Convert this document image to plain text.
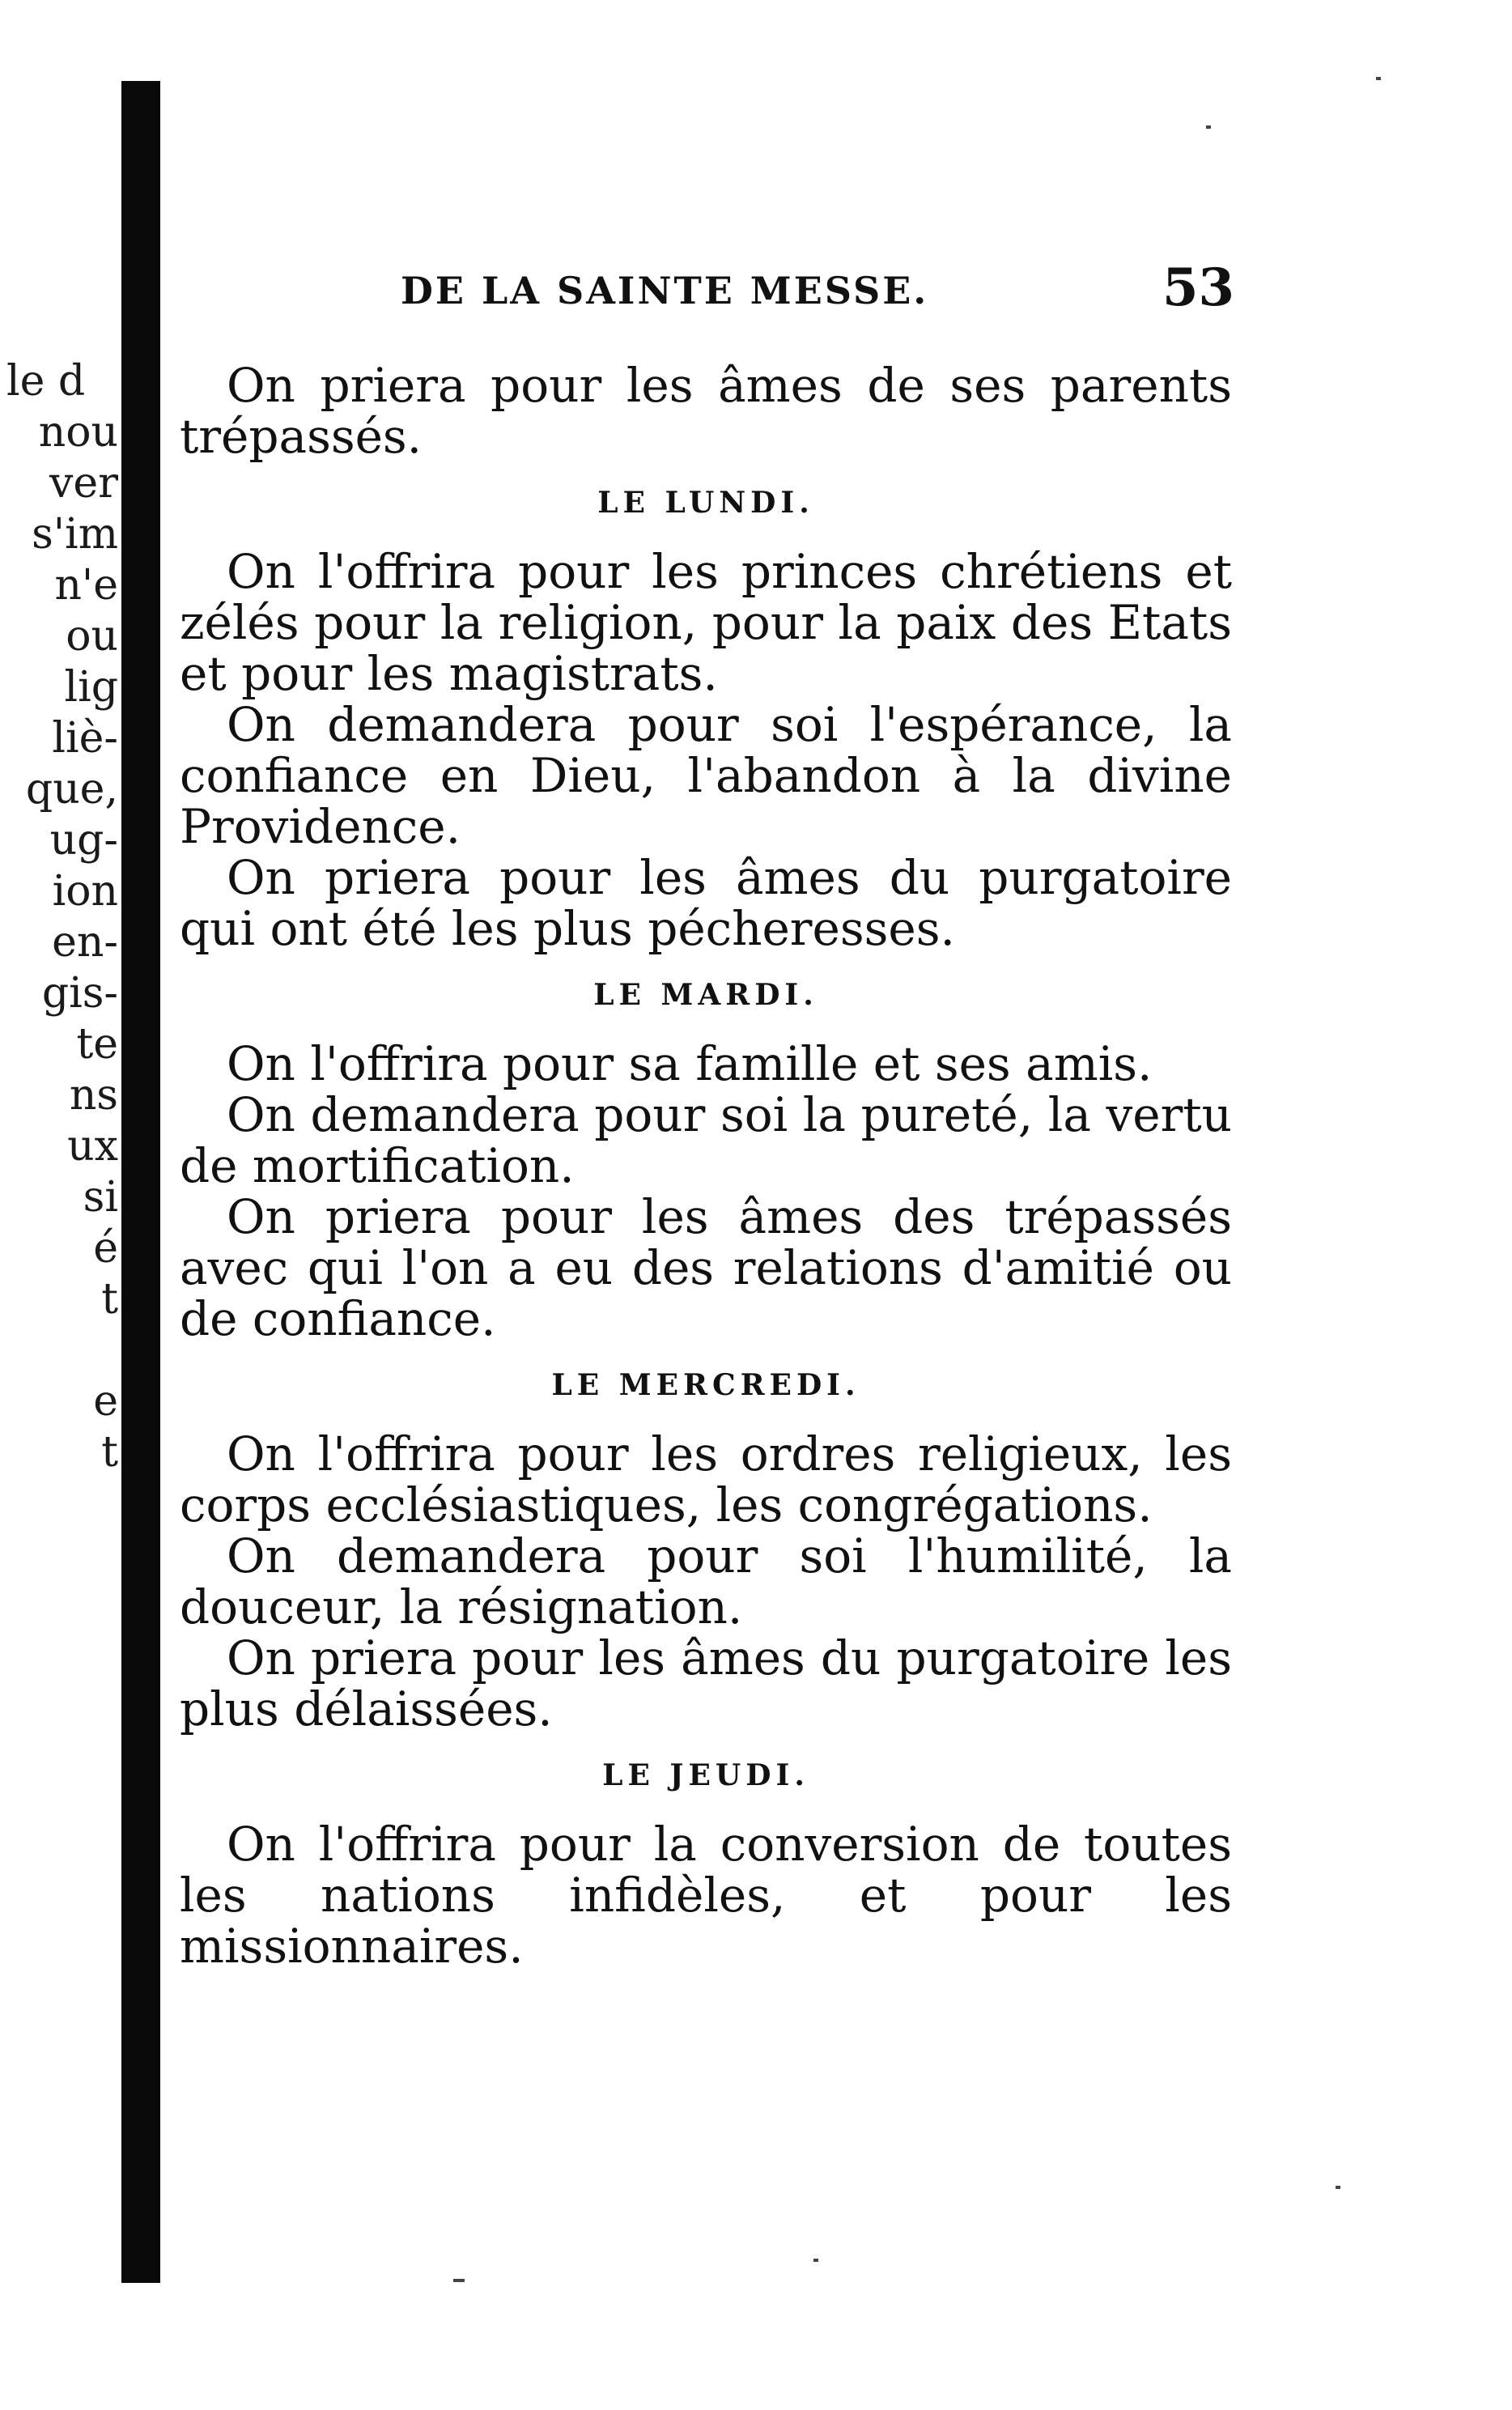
le d
nou
ver
s'im
n'e
ou
lig
liè-
que,
ug-
ion
en-
gis-
te
ns
ux
si
é
t

e
t
DE LA SAINTE MESSE.	53

On priera pour les âmes de ses parents trépassés.

LE LUNDI.

On l'offrira pour les princes chrétiens et zélés pour la religion, pour la paix des Etats et pour les magistrats.

On demandera pour soi l'espérance, la confiance en Dieu, l'abandon à la divine Providence.

On priera pour les âmes du purgatoire qui ont été les plus pécheresses.

LE MARDI.

On l'offrira pour sa famille et ses amis.

On demandera pour soi la pureté, la vertu de mortification.

On priera pour les âmes des trépassés avec qui l'on a eu des relations d'amitié ou de confiance.

LE MERCREDI.

On l'offrira pour les ordres religieux, les corps ecclésiastiques, les congrégations.

On demandera pour soi l'humilité, la douceur, la résignation.

On priera pour les âmes du purgatoire les plus délaissées.

LE JEUDI.

On l'offrira pour la conversion de toutes les nations infidèles, et pour les missionnaires.
